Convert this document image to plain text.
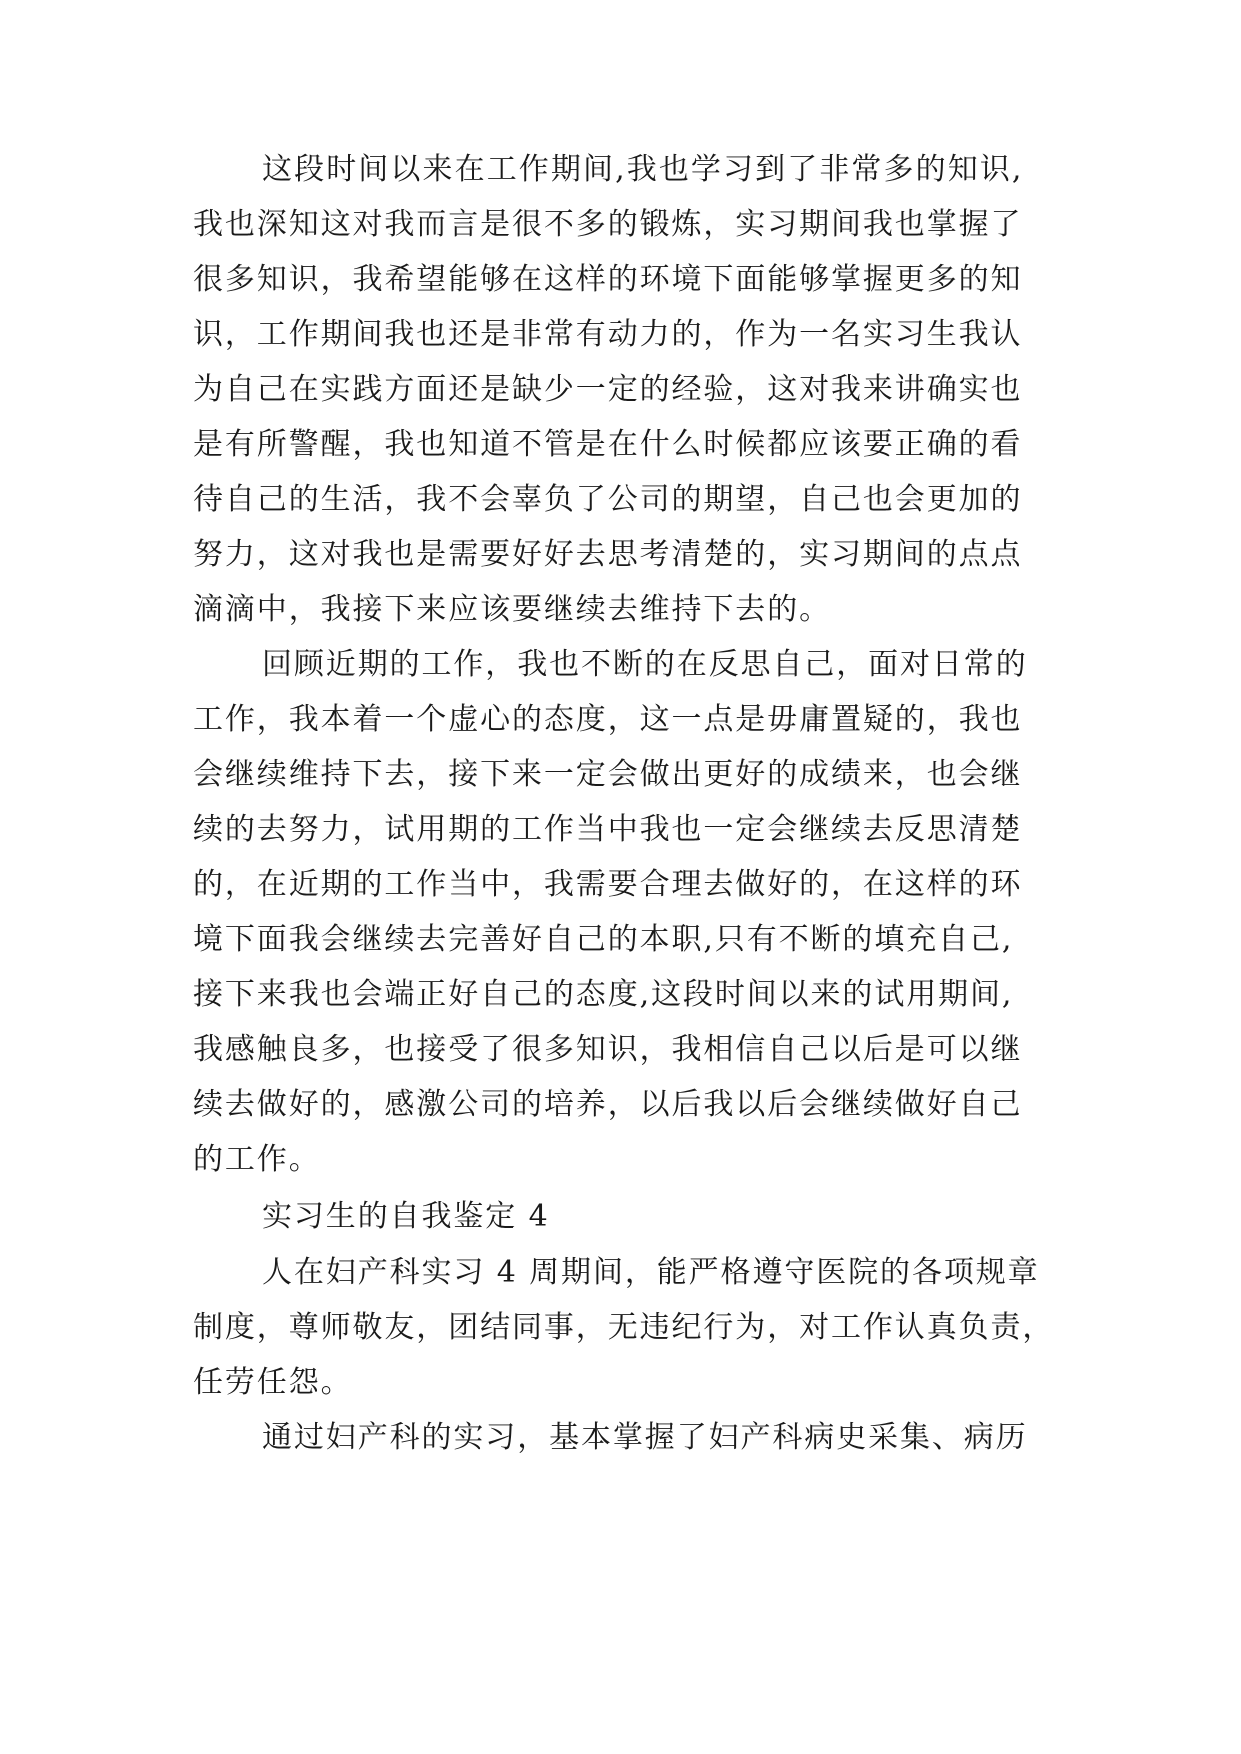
这段时间以来在工作期间,我也学习到了非常多的知识,
我也深知这对我而言是很不多的锻炼，实习期间我也掌握了
很多知识，我希望能够在这样的环境下面能够掌握更多的知
识，工作期间我也还是非常有动力的，作为一名实习生我认
为自己在实践方面还是缺少一定的经验，这对我来讲确实也
是有所警醒，我也知道不管是在什么时候都应该要正确的看
待自己的生活，我不会辜负了公司的期望，自己也会更加的
努力，这对我也是需要好好去思考清楚的，实习期间的点点
滴滴中，我接下来应该要继续去维持下去的。
回顾近期的工作，我也不断的在反思自己，面对日常的
工作，我本着一个虚心的态度，这一点是毋庸置疑的，我也
会继续维持下去，接下来一定会做出更好的成绩来，也会继
续的去努力，试用期的工作当中我也一定会继续去反思清楚
的，在近期的工作当中，我需要合理去做好的，在这样的环
境下面我会继续去完善好自己的本职,只有不断的填充自己,
接下来我也会端正好自己的态度,这段时间以来的试用期间,
我感触良多，也接受了很多知识，我相信自己以后是可以继
续去做好的，感激公司的培养，以后我以后会继续做好自己
的工作。
实习生的自我鉴定 4
人在妇产科实习 4 周期间，能严格遵守医院的各项规章
制度，尊师敬友，团结同事，无违纪行为，对工作认真负责，
任劳任怨。
通过妇产科的实习，基本掌握了妇产科病史采集、病历
